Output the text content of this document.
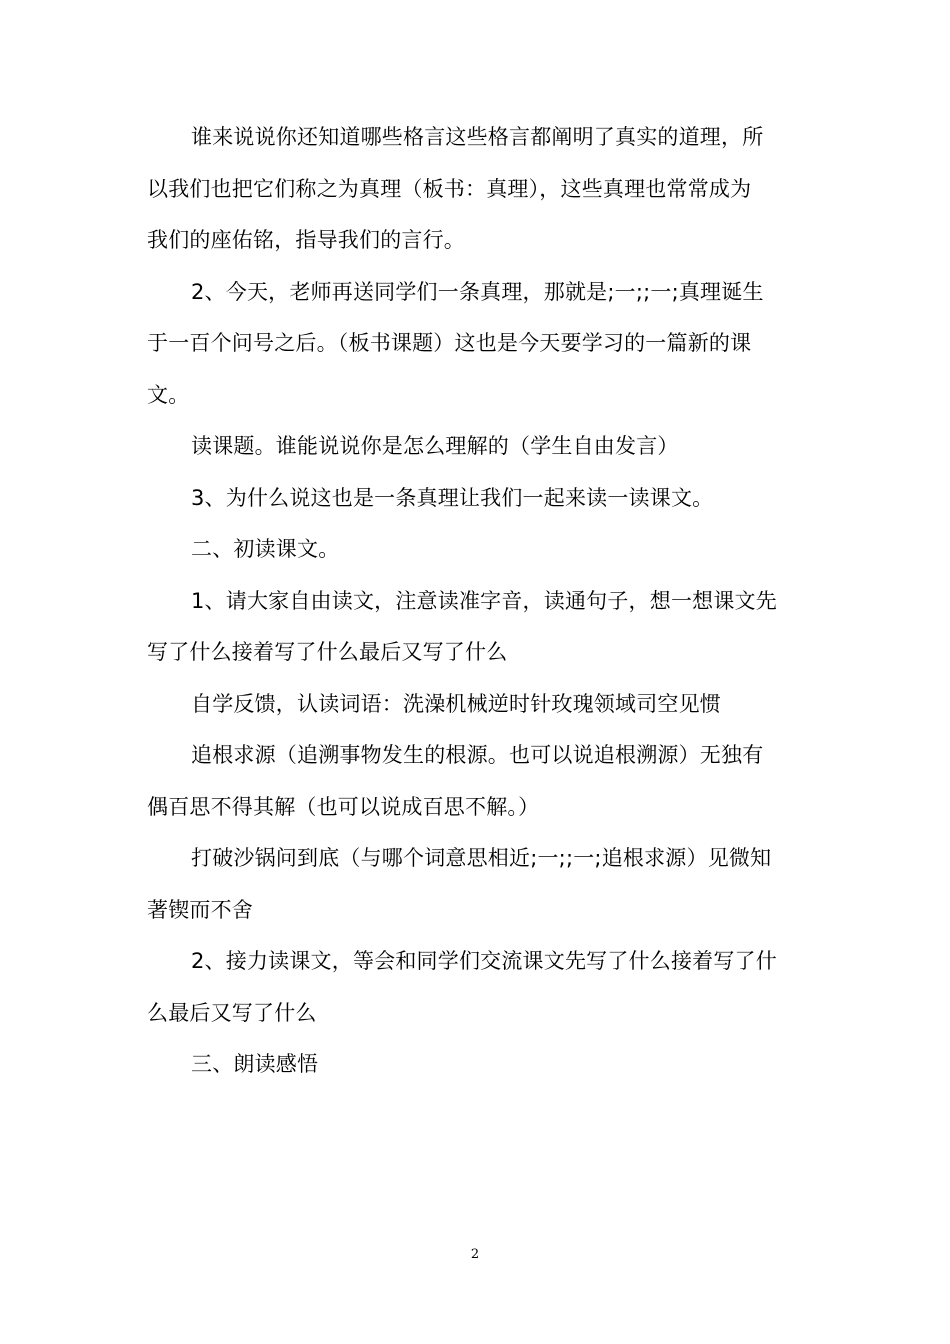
谁来说说你还知道哪些格言这些格言都阐明了真实的道理，所
以我们也把它们称之为真理（板书：真理），这些真理也常常成为
我们的座佑铭，指导我们的言行。
2、今天，老师再送同学们一条真理，那就是;一;;一;真理诞生
于一百个问号之后。（板书课题）这也是今天要学习的一篇新的课
文。
读课题。谁能说说你是怎么理解的（学生自由发言）
3、为什么说这也是一条真理让我们一起来读一读课文。
二、初读课文。
1、请大家自由读文，注意读准字音，读通句子，想一想课文先
写了什么接着写了什么最后又写了什么
自学反馈，认读词语：洗澡机械逆时针玫瑰领域司空见惯
追根求源（追溯事物发生的根源。也可以说追根溯源）无独有
偶百思不得其解（也可以说成百思不解。）
打破沙锅问到底（与哪个词意思相近;一;;一;追根求源）见微知
著锲而不舍
2、接力读课文，等会和同学们交流课文先写了什么接着写了什
么最后又写了什么
三、朗读感悟
2
